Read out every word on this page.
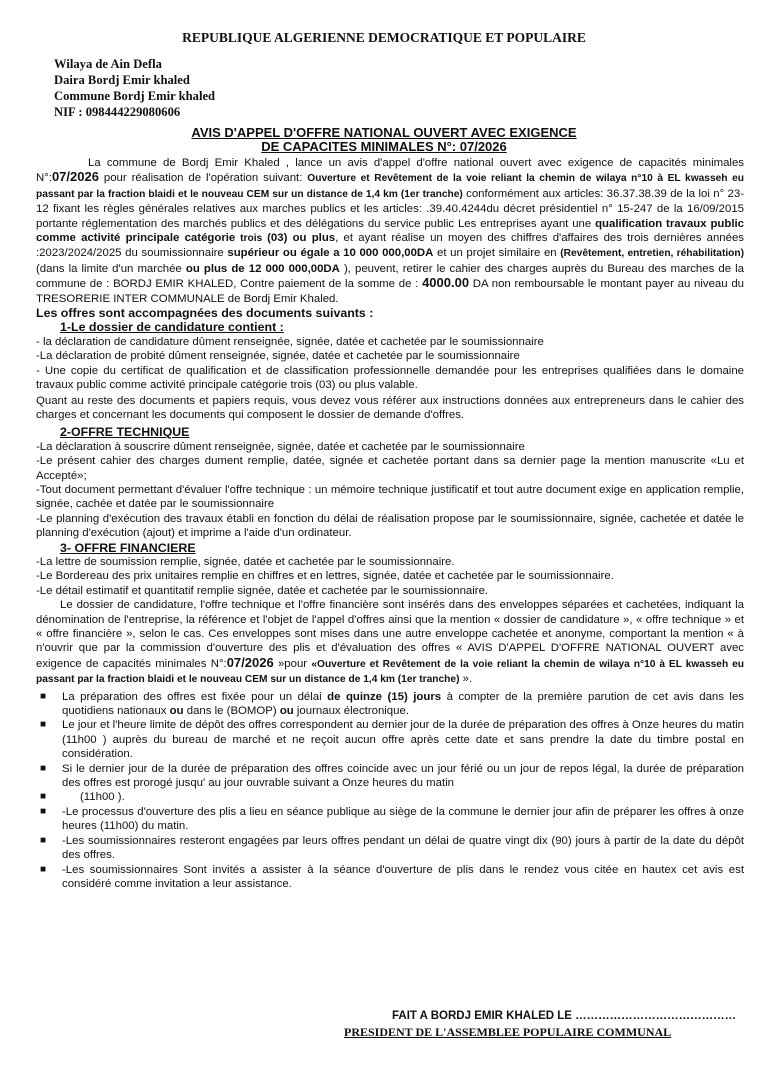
REPUBLIQUE ALGERIENNE DEMOCRATIQUE ET POPULAIRE
Wilaya de Ain Defla
Daira Bordj Emir khaled
Commune Bordj Emir khaled
NIF : 098444229080606
AVIS D'APPEL D'OFFRE NATIONAL OUVERT AVEC EXIGENCE
DE CAPACITES MINIMALES N°: 07/2026

La commune de Bordj Emir Khaled , lance un avis d'appel d'offre national ouvert avec exigence de capacités minimales N°:07/2026 pour réalisation de l'opération suivant: Ouverture et Revêtement de la voie reliant la chemin de wilaya n°10 à EL kwasseh eu passant par la fraction blaidi et le nouveau CEM sur un distance de 1,4 km (1er tranche) conformément aux articles: 36.37.38.39 de la loi n° 23-12 fixant les règles générales relatives aux marches publics et les articles: .39.40.4244du décret présidentiel n° 15-247 de la 16/09/2015 portante réglementation des marchés publics et des délégations du service public Les entreprises ayant une qualification travaux public comme activité principale catégorie trois (03) ou plus, et ayant réalise un moyen des chiffres d'affaires des trois dernières années :2023/2024/2025 du soumissionnaire supérieur ou égale a 10 000 000,00DA et un projet similaire en (Revêtement, entretien, réhabilitation) (dans la limite d'un marchée ou plus de 12 000 000,00DA ), peuvent, retirer le cahier des charges auprès du Bureau des marches de la commune de : BORDJ EMIR KHALED, Contre paiement de la somme de : 4000.00 DA non remboursable le montant payer au niveau du TRESORERIE INTER COMMUNALE de Bordj Emir Khaled.

Les offres sont accompagnées des documents suivants :

1-Le dossier de candidature contient :

- la déclaration de candidature dûment renseignée, signée, datée et cachetée par le soumissionnaire

-La déclaration de probité dûment renseignée, signée, datée et cachetée par le soumissionnaire

- Une copie du certificat de qualification et de classification professionnelle demandée pour les entreprises qualifiées dans le domaine travaux public comme activité principale catégorie trois (03) ou plus valable.

Quant au reste des documents et papiers requis, vous devez vous référer aux instructions données aux entrepreneurs dans le cahier des charges et concernant les documents qui composent le dossier de demande d'offres.

2-OFFRE TECHNIQUE

-La déclaration à souscrire dûment renseignée, signée, datée et cachetée par le soumissionnaire

-Le présent cahier des charges dument remplie, datée, signée et cachetée portant dans sa dernier page la mention manuscrite «Lu et Accepté»;

-Tout document permettant d'évaluer l'offre technique : un mémoire technique justificatif et tout autre document exige en application remplie, signée, cachée et datée par le soumissionnaire

-Le planning d'exécution des travaux établi en fonction du délai de réalisation propose par le soumissionnaire, signée, cachetée et datée le planning d'exécution (ajout) et imprime a l'aide d'un ordinateur.

3- OFFRE FINANCIERE

-La lettre de soumission remplie, signée, datée et cachetée par le soumissionnaire.

-Le Bordereau des prix unitaires remplie en chiffres et en lettres, signée, datée et cachetée par le soumissionnaire.

-Le détail estimatif et quantitatif remplie signée, datée et cachetée par le soumissionnaire.

Le dossier de candidature, l'offre technique et l'offre financière sont insérés dans des enveloppes séparées et cachetées, indiquant la dénomination de l'entreprise, la référence et l'objet de l'appel d'offres ainsi que la mention « dossier de candidature », « offre technique » et « offre financière », selon le cas. Ces enveloppes sont mises dans une autre enveloppe cachetée et anonyme, comportant la mention « à n'ouvrir que par la commission d'ouverture des plis et d'évaluation des offres « AVIS D'APPEL D'OFFRE NATIONAL OUVERT avec exigence de capacités minimales N°:07/2026 »pour «Ouverture et Revêtement de la voie reliant la chemin de wilaya n°10 à EL kwasseh eu passant par la fraction blaidi et le nouveau CEM sur un distance de 1,4 km (1er tranche) ».

■	La préparation des offres est fixée pour un délai de quinze (15) jours à compter de la première parution de cet avis dans les quotidiens nationaux ou dans le (BOMOP) ou journaux électronique.
■	Le jour et l'heure limite de dépôt des offres correspondent au dernier jour de la durée de préparation des offres à Onze heures du matin (11h00 ) auprès du bureau de marché et ne reçoit aucun offre après cette date et sans prendre la date du timbre postal en considération.
■	Si le dernier jour de la durée de préparation des offres coincide avec un jour férié ou un jour de repos légal, la durée de préparation des offres est prorogé jusqu' au jour ouvrable suivant a Onze heures du matin
■	(11h00 ).
■	-Le processus d'ouverture des plis a lieu en séance publique au siège de la commune le dernier jour afin de préparer les offres à onze heures (11h00) du matin.
■	-Les soumissionnaires resteront engagées par leurs offres pendant un délai de quatre vingt dix (90) jours à partir de la date du dépôt des offres.
■	-Les soumissionnaires Sont invités a assister à la séance d'ouverture de plis dans le rendez vous citée en hautex cet avis est considéré comme invitation a leur assistance.
FAIT A BORDJ EMIR KHALED LE ……………………………………
PRESIDENT DE L'ASSEMBLEE POPULAIRE COMMUNAL
